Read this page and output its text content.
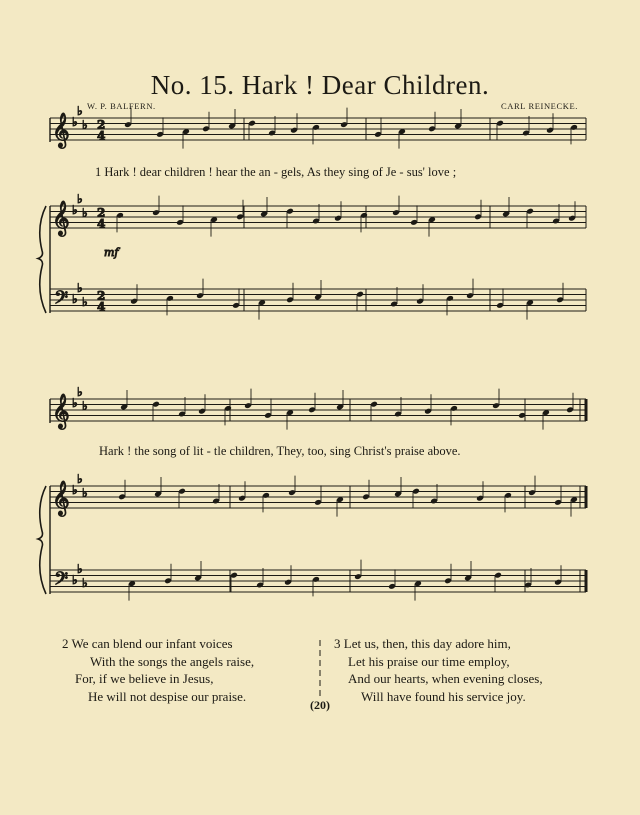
No. 15. Hark ! Dear Children.
W. P. BALFERN.	CARL REINECKE.
𝄞 ♭
♭
♭ 2
4
𝄞 ♭
♭
♭ 2
4
𝄢 ♭
♭
♭ 2
4
𝄞 ♭
♭
♭
𝄞 ♭
♭
♭
𝄢 ♭
♭
♭
mf
1 Hark ! dear children ! hear the an - gels, As they sing of Je - sus' love ;
Hark ! the song of lit - tle children, They, too, sing Christ's praise above.
2 We can blend our infant voices
With the songs the angels raise,
For, if we believe in Jesus,
He will not despise our praise.
3 Let us, then, this day adore him,
Let his praise our time employ,
And our hearts, when evening closes,
Will have found his service joy.
(20)
